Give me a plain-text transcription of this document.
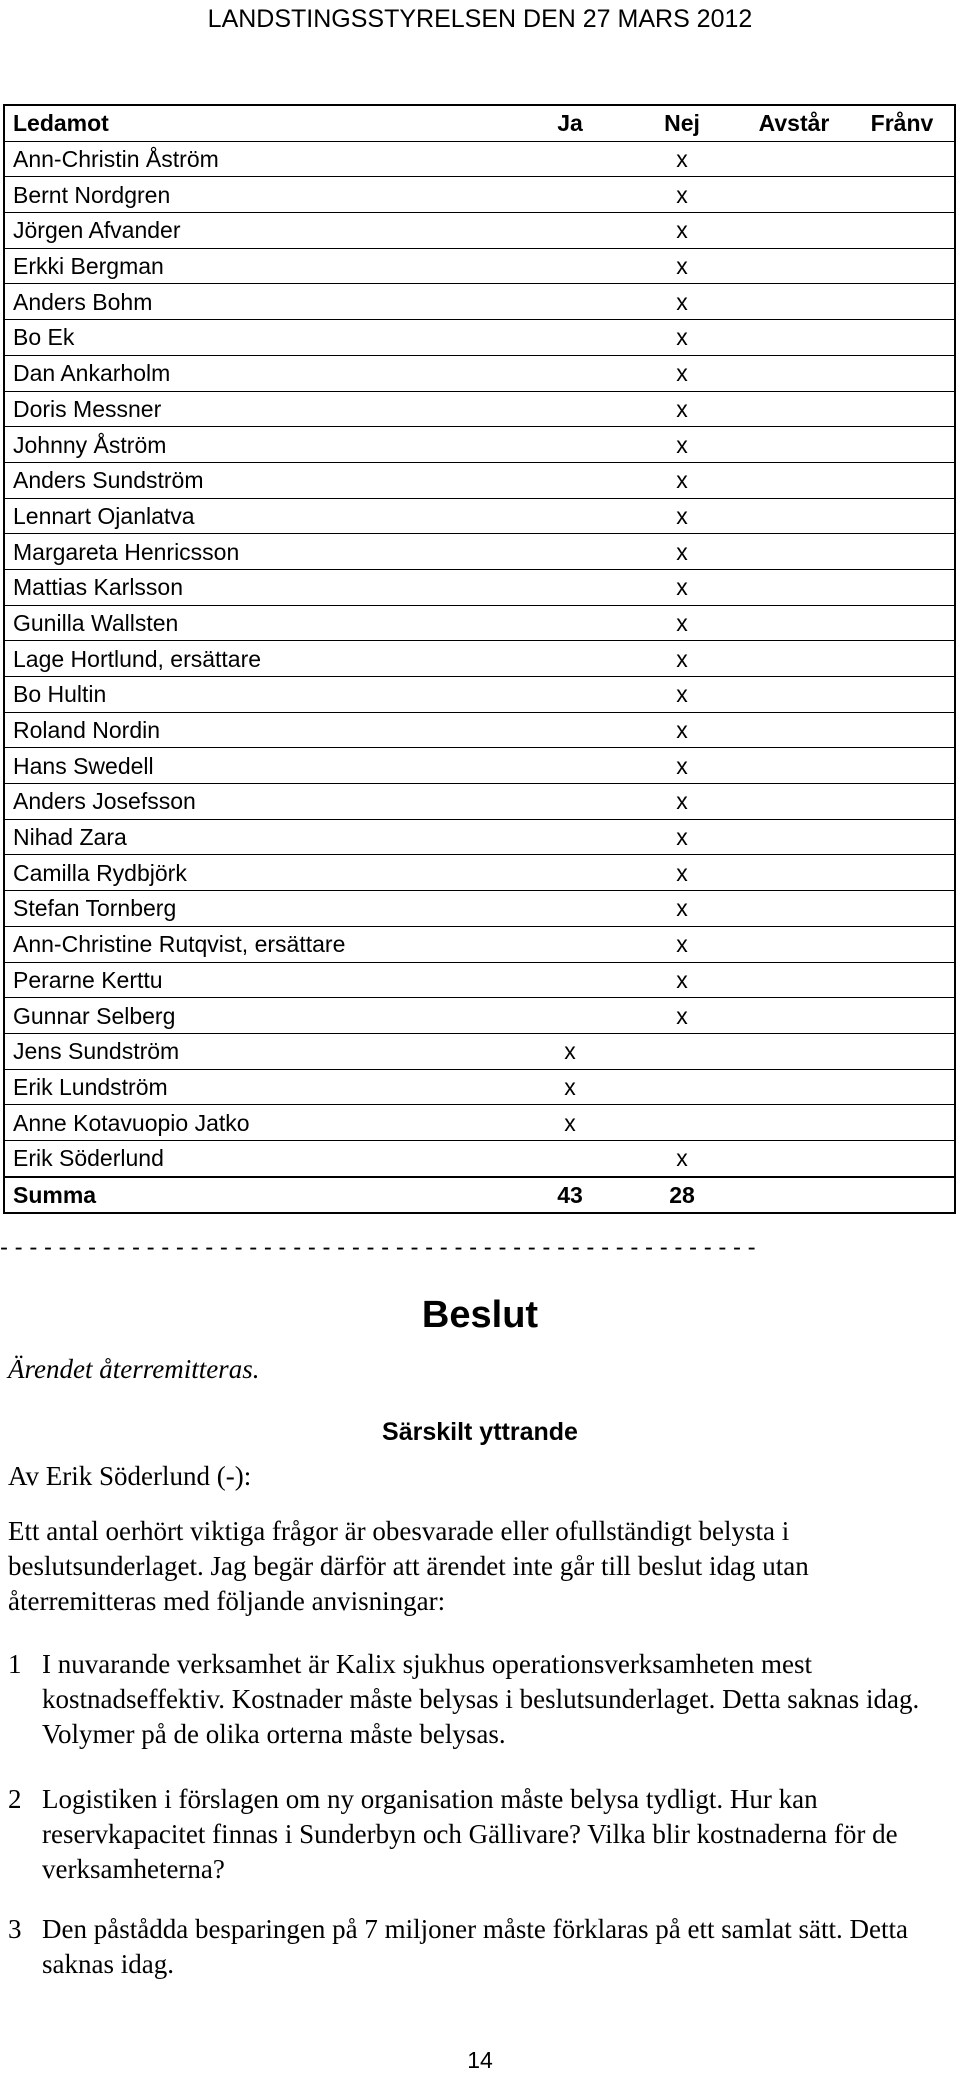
LANDSTINGSSTYRELSEN DEN 27 MARS 2012
Ledamot	Ja	Nej	Avstår	Frånv
Ann-Christin Åström		x		
Bernt Nordgren		x		
Jörgen Afvander		x		
Erkki Bergman		x		
Anders Bohm		x		
Bo Ek		x		
Dan Ankarholm		x		
Doris Messner		x		
Johnny Åström		x		
Anders Sundström		x		
Lennart Ojanlatva		x		
Margareta Henricsson		x		
Mattias Karlsson		x		
Gunilla Wallsten		x		
Lage Hortlund, ersättare		x		
Bo Hultin		x		
Roland Nordin		x		
Hans Swedell		x		
Anders Josefsson		x		
Nihad Zara		x		
Camilla Rydbjörk		x		
Stefan Tornberg		x		
Ann-Christine Rutqvist, ersättare		x		
Perarne Kerttu		x		
Gunnar Selberg		x		
Jens Sundström	x			
Erik Lundström	x			
Anne Kotavuopio Jatko	x			
Erik Söderlund		x		
Summa	43	28		
- - - - - - - - - - - - - - - - - - - - - - - - - - - - - - - - - - - - - - - - - - - - - - - - - - - -
Beslut
Ärendet återremitteras.
Särskilt yttrande
Av Erik Söderlund (-):
Ett antal oerhört viktiga frågor är obesvarade eller ofullständigt belysta i beslutsunderlaget. Jag begär därför att ärendet inte går till beslut idag utan återremitteras med följande anvisningar:
1 I nuvarande verksamhet är Kalix sjukhus operationsverksamheten mest kostnadseffektiv. Kostnader måste belysas i beslutsunderlaget. Detta saknas idag. Volymer på de olika orterna måste belysas.
2 Logistiken i förslagen om ny organisation måste belysa tydligt. Hur kan reservkapacitet finnas i Sunderbyn och Gällivare? Vilka blir kostnaderna för de verksamheterna?
3 Den påstådda besparingen på 7 miljoner måste förklaras på ett samlat sätt. Detta saknas idag.
14
